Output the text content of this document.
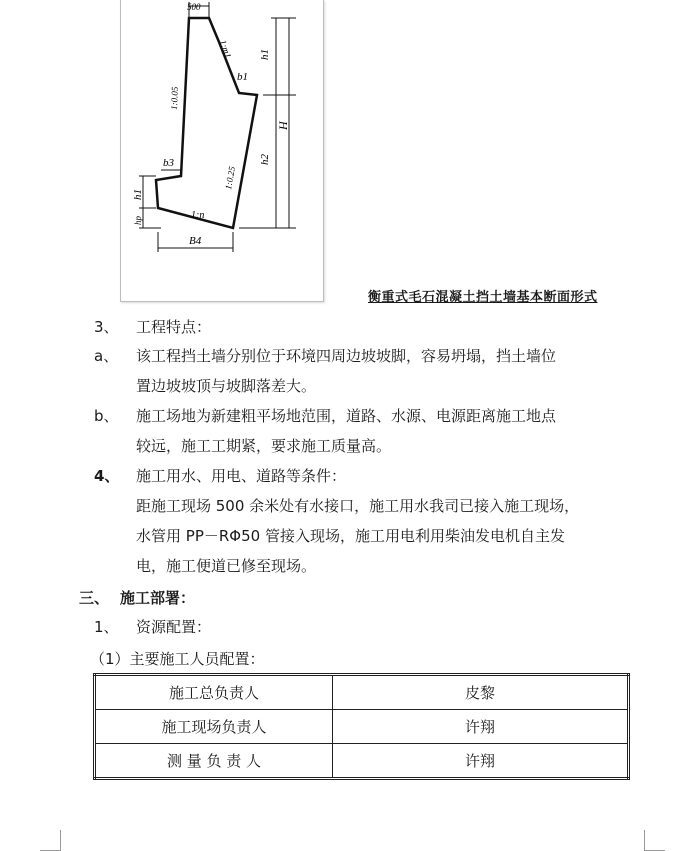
500
1:m1
1:0.05
1:0.25
b1
b3
h1
H
h2
h1
hp	1:n
B4
衡重式毛石混凝土挡土墙基本断面形式
3、 工程特点：
a、 该工程挡土墙分别位于环境四周边坡坡脚，容易坍塌，挡土墙位
置边坡坡顶与坡脚落差大。
b、 施工场地为新建粗平场地范围，道路、水源、电源距离施工地点
较远，施工工期紧，要求施工质量高。
4、 施工用水、用电、道路等条件：
距施工现场 500 余米处有水接口，施工用水我司已接入施工现场，
水管用 PP－RΦ50 管接入现场，施工用电利用柴油发电机自主发
电，施工便道已修至现场。
三、 施工部署：
1、 资源配置：
（1）主要施工人员配置：
施工总负责人	皮黎
施工现场负责人	许翔
测 量 负 责 人	许翔
